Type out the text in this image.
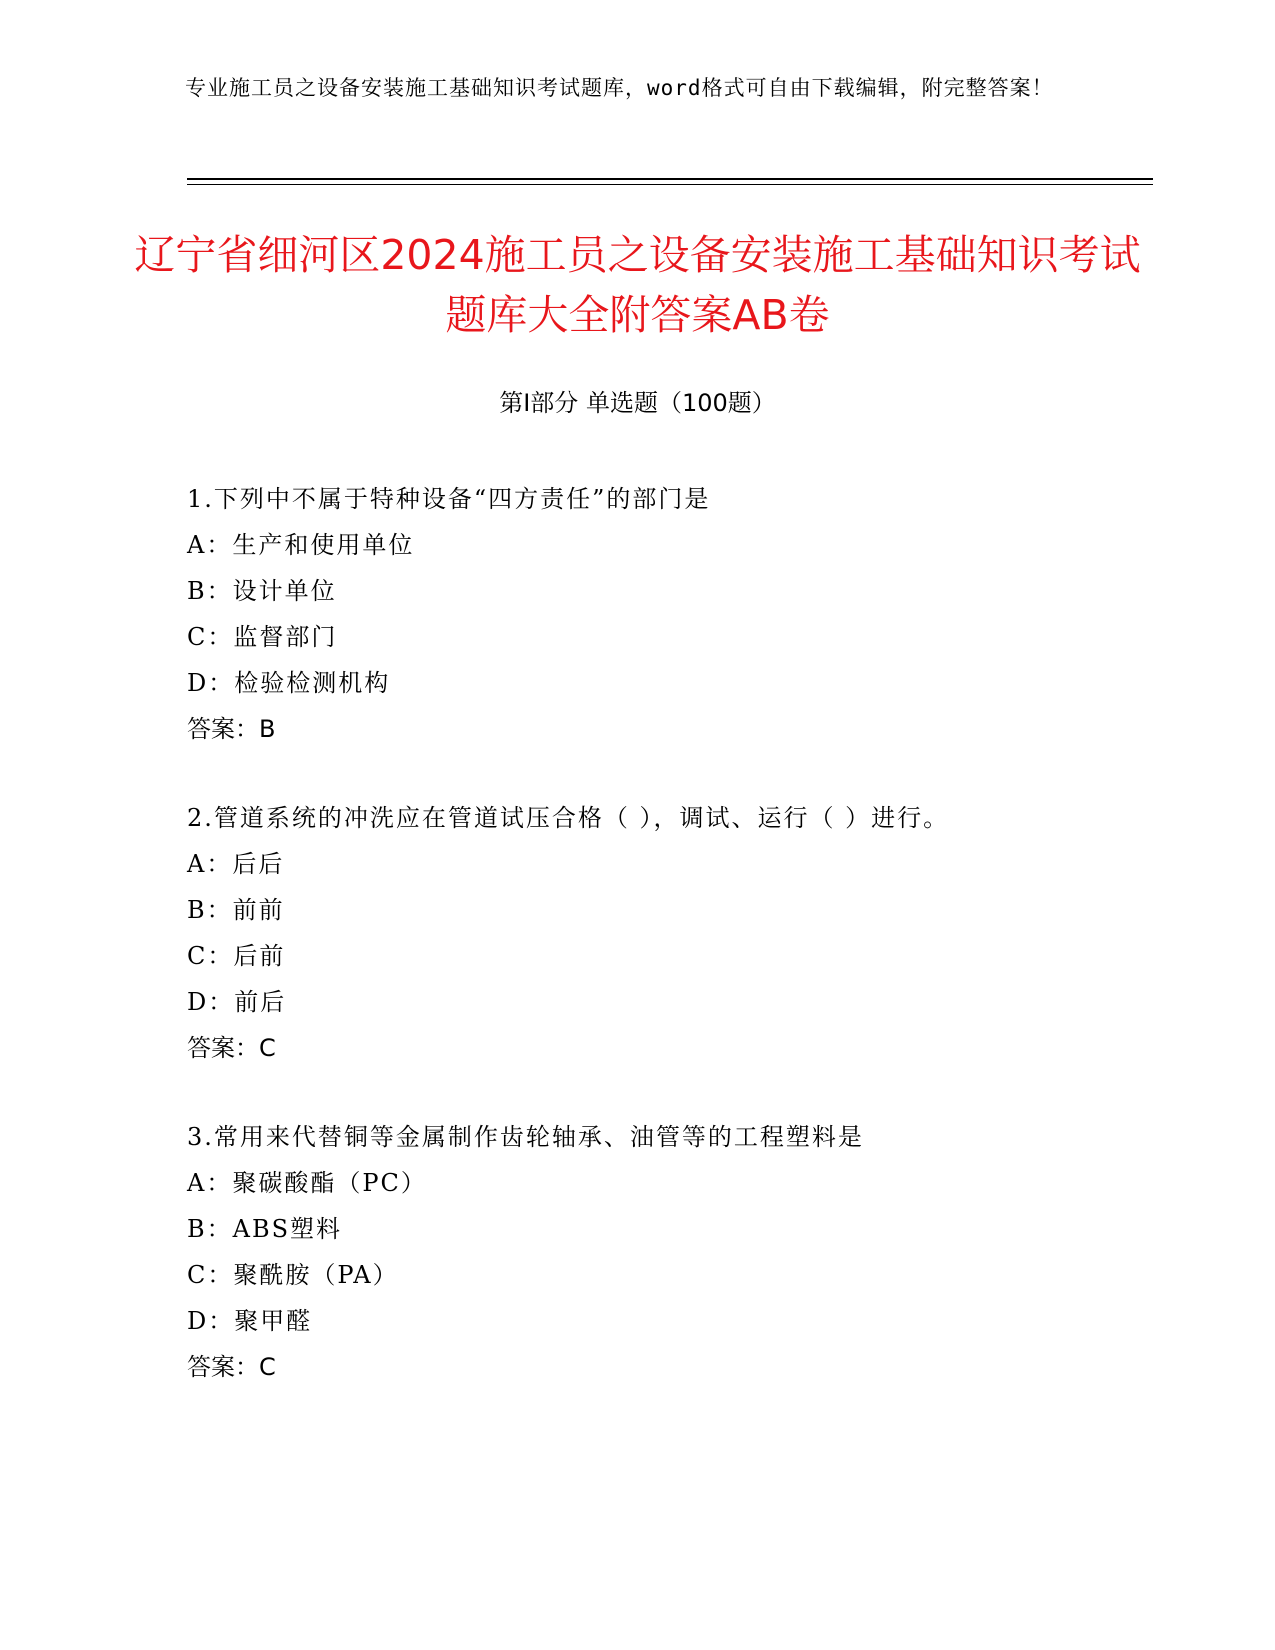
专业施工员之设备安装施工基础知识考试题库，word格式可自由下载编辑，附完整答案！
辽宁省细河区2024施工员之设备安装施工基础知识考试题库大全附答案AB卷
第Ⅰ部分 单选题（100题）
1.下列中不属于特种设备“四方责任”的部门是
A：生产和使用单位
B：设计单位
C：监督部门
D：检验检测机构
答案：B
2.管道系统的冲洗应在管道试压合格（ ），调试、运行（ ）进行。
A：后后
B：前前
C：后前
D：前后
答案：C
3.常用来代替铜等金属制作齿轮轴承、油管等的工程塑料是
A：聚碳酸酯（PC）
B：ABS塑料
C：聚酰胺（PA）
D：聚甲醛
答案：C
